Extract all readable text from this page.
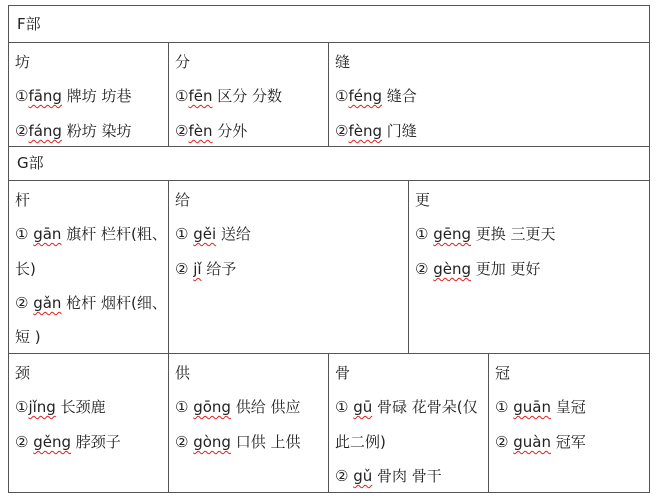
F部
坊
①fāng 牌坊 坊巷
②fáng 粉坊 染坊
分
①fēn 区分 分数
②fèn 分外
缝
①féng 缝合
②fèng 门缝
G部
杆
① gān 旗杆 栏杆(粗、
长)
② gǎn 枪杆 烟杆(细、
短 )
给
① gěi 送给
② jǐ 给予
更
① gēng 更换 三更天
② gèng 更加 更好
颈
①jǐng 长颈鹿
② gěng 脖颈子
供
① gōng 供给 供应
② gòng 口供 上供
骨
① gū 骨碌 花骨朵(仅
此二例)
② gǔ 骨肉 骨干
冠
① guān 皇冠
② guàn 冠军
